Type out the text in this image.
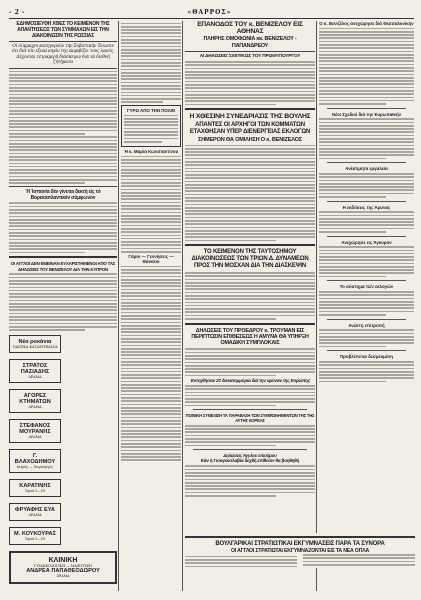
- 2 -	«ΘΑΡΡΟΣ»
ΕΔΗΜΟΣΙΕΥΘΗ ΧΘΕΣ ΤΟ ΚΕΙΜΕΝΟΝ ΤΗΣ ΑΠΑΝΤΗΣΕΩΣ ΤΩΝ ΣΥΜΜΑΧΩΝ ΕΙΣ ΤΗΝ ΔΙΑΚΟΙΝΩΣΙΝ ΤΗΣ ΡΩΣΣΙΑΣ
Οί σύμμαχοι κατηγορούν την Σοβιετικήν Ένωσιν ότι διά τόν εξοπλισμόν της εκφοβίζει τους λαούς. Δέχονται τετραμερή διάσκεψιν διά τά διεθνή ζητήματα
Ή Ίσπανία δέν γίνεται δεκτή είς τό Βορειοατλαντικόν σύμφωνον
ΟΙ ΑΓΓΛΟΙ ΔΕΝ ΕΜΕΙΝΑΝ ΕΥΧΑΡΙΣΤΗΜΕΝΟΙ ΑΠΟ ΤΑΣ ΔΗΛΩΣΕΙΣ ΤΟΥ ΒΕΝΙΖΕΛΟΥ ΔΙΑ ΤΗΝ ΚΥΠΡΟΝ
Νέα ροκάνια
ΤΑΚΤΙΚΑ ΚΑΤΑΣΤΗΜΑΤΑ

ΣΤΡΑΤΟΣ ΠΑΣΙΑΔΗΣ
ΔΡΑΜΑ

ΑΓΟΡΕΣ ΚΤΗΜΑΤΩΝ
ΔΡΑΜΑ

ΣΤΕΦΑΝΟΣ ΜΟΥΡΑΝΗΣ
ΔΡΑΜΑ

Γ. ΒΛΑΧΟΔΗΜΟΥ
Ιατρός — Χειρουργός

ΚΑΡΑΤΙΝΗΣ
Τιμαί 5—10

ΦΡΥΑΦΗΣ ΕΥΑ
ΔΡΑΜΑ

Μ. ΚΟΥΚΟΥΡΑΣ
Τιμαί 5—10
ΚΛΙΝΙΚΗ
ΓΥΝΑΙΚΟΛΟΓΙΚΗ — ΜΑΙΕΥΤΙΚΗ
ΑΝΔΡΕΑ ΠΑΠΑΘΕΟΔΩΡΟΥ
ΔΡΑΜΑ
ΓΥΡΩ ΑΠΟ ΤΗΝ ΠΟΛΙΝ
Ή κ. Μαρία Κωνσταντίνου
Γάμοι — Γεννήσεις — Θάνατοι
ΕΠΑΝΟΔΟΣ ΤΟΥ κ. ΒΕΝΙΖΕΛΟΥ ΕΙΣ ΑΘΗΝΑΣ
ΠΛΗΡΗΣ ΟΜΟΦΩΝΙΑ κκ. ΒΕΝΙΖΕΛΟΥ - ΠΑΠΑΝΔΡΕΟΥ
ΑΙ ΔΗΛΩΣΕΙΣ ΣΧΕΤΙΚΩΣ ΤΟΥ ΠΡΩΘΥΠΟΥΡΓΟΥ
Η ΧΘΕΣΙΝΗ ΣΥΝΕΔΡΙΑΣΙΣ ΤΗΣ ΒΟΥΛΗΣ
ΑΠΑΝΤΕΣ ΟΙ ΑΡΧΗΓΟΙ ΤΩΝ ΚΟΜΜΑΤΩΝ ΕΤΑΧΘΗΣΑΝ ΥΠΕΡ ΔΙΕΝΕΡΓΕΙΑΣ ΕΚΛΟΓΩΝ
ΣΗΜΕΡΟΝ ΘΑ ΟΜΙΛΗΣΗ Ο κ. ΒΕΝΙΖΕΛΟΣ
ΤΟ ΚΕΙΜΕΝΟΝ ΤΗΣ ΤΑΥΤΟΣΗΜΟΥ ΔΙΑΚΟΙΝΩΣΕΩΣ ΤΩΝ ΤΡΙΩΝ Δ. ΔΥΝΑΜΕΩΝ ΠΡΟΣ ΤΗΝ ΜΟΣΧΑΝ ΔΙΑ ΤΗΝ ΔΙΑΣΚΕΨΙΝ
ΔΗΛΩΣΕΙΣ ΤΟΥ ΠΡΟΕΔΡΟΥ κ. ΤΡΟΥΜΑΝ ΕΙΣ ΠΕΡΙΠΤΩΣΙΝ ΕΠΙΘΕΣΕΩΣ Η ΑΜΥΝΑ ΘΑ ΥΠΗΡΞΗ ΟΜΑΔΙΚΗ ΣΥΜΠΛΟΚΑΙΣ
Έντεχθήσαν 20 διεκατομμύρια διά την αμύναν της Ευρώπης
ΠΟΙΝΙΚΗ ΣΥΝΕΧΙΣΗ ΤΑ ΠΑΡΑΒΑΣΗ ΤΩΝ ΣΥΜΦΩΝΗΘΕΝΤΩΝ ΤΗΣ ΤΗΣ ΑΥΤΗΣ ΚΟΡΕΑΣ
Δηλώσεις Άγγλου επισήμου
Εάν ή Γιουγκοσλαβία δεχθή επίθεσιν θα βοηθηθή
Ο κ. Βενιζέλος ανεχώρησε διά Θεσσαλονίκην
Νέοι Σχεδιοί διά την Ευρωπαϊκήν
Ανέκτιμητα εργαλεία
Η εκδόσεις της Άμυνας
Ανεχώρησε εις Άγκυραν
Το σύστημα τών εκλογών
Ανέστη επιτροπή
Προβλέπεται δεσμευμένη
ΒΟΥΛΓΑΡΙΚΑΙ ΣΤΡΑΤΙΩΤΙΚΑΙ ΕΚΓΥΜΝΑΣΕΙΣ ΠΑΡΑ ΤΑ ΣΥΝΟΡΑ
ΟΙ ΑΓΓΛΟΙ ΣΤΡΑΤΙΩΤΑΙ ΕΚΓΥΜΝΑΖΟΝΤΑΙ ΕΙΣ ΤΑ ΝΕΑ ΟΠΛΑ
